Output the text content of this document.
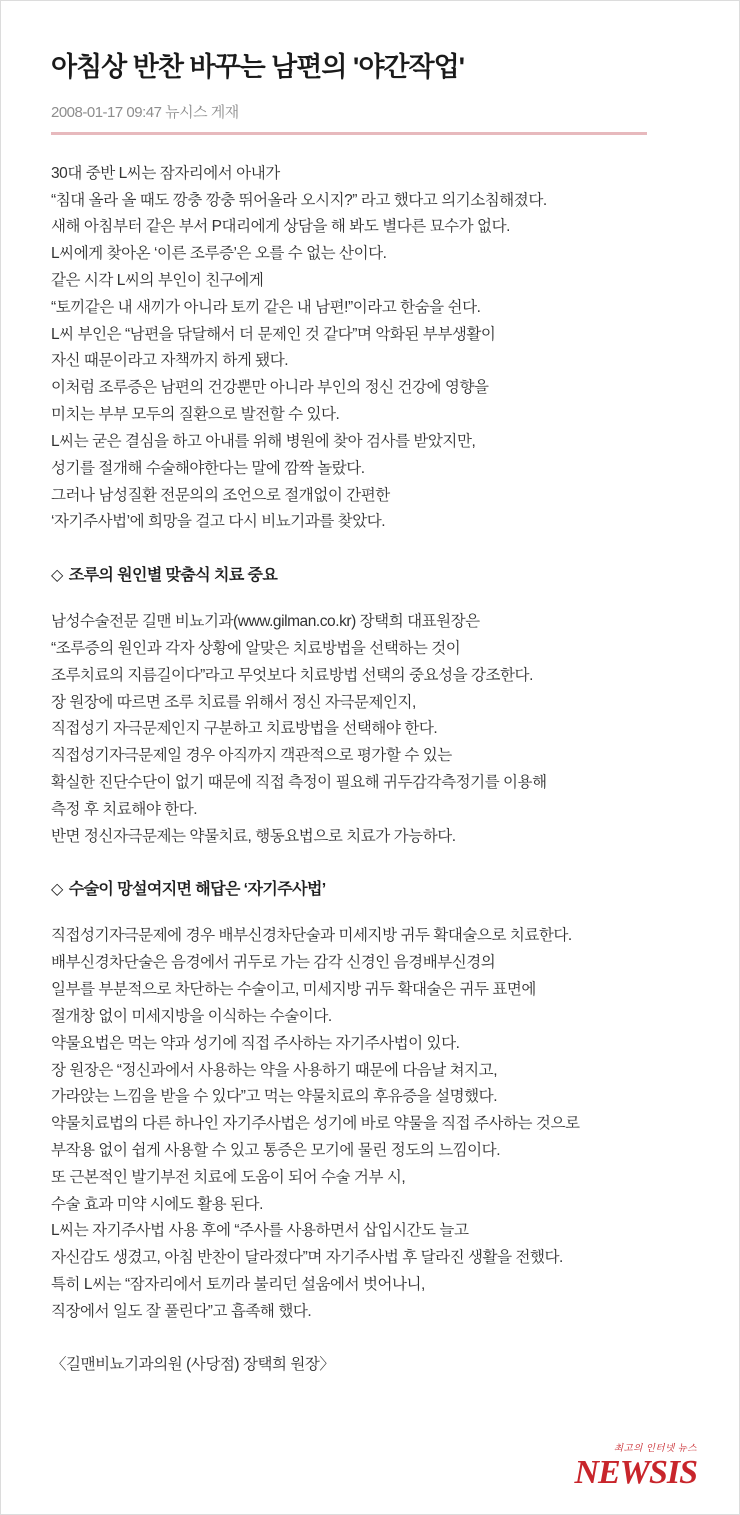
아침상 반찬 바꾸는 남편의 '야간작업'
2008-01-17 09:47 뉴시스 게재

30대 중반 L씨는 잠자리에서 아내가

“침대 올라 올 때도 깡충 깡충 뛰어올라 오시지?” 라고 했다고 의기소침해졌다.

새해 아침부터 같은 부서 P대리에게 상담을 해 봐도 별다른 묘수가 없다.

L씨에게 찾아온 ‘이른 조루증’은 오를 수 없는 산이다.

같은 시각 L씨의 부인이 친구에게

“토끼같은 내 새끼가 아니라 토끼 같은 내 남편!”이라고 한숨을 쉰다.

L씨 부인은 “남편을 닦달해서 더 문제인 것 같다”며 악화된 부부생활이

자신 때문이라고 자책까지 하게 됐다.

이처럼 조루증은 남편의 건강뿐만 아니라 부인의 정신 건강에 영향을

미치는 부부 모두의 질환으로 발전할 수 있다.

L씨는 굳은 결심을 하고 아내를 위해 병원에 찾아 검사를 받았지만,

성기를 절개해 수술해야한다는 말에 깜짝 놀랐다.

그러나 남성질환 전문의의 조언으로 절개없이 간편한

‘자기주사법’에 희망을 걸고 다시 비뇨기과를 찾았다.

◇ 조루의 원인별 맞춤식 치료 중요

남성수술전문 길맨 비뇨기과(www.gilman.co.kr) 장택희 대표원장은

“조루증의 원인과 각자 상황에 알맞은 치료방법을 선택하는 것이

조루치료의 지름길이다”라고 무엇보다 치료방법 선택의 중요성을 강조한다.

장 원장에 따르면 조루 치료를 위해서 정신 자극문제인지,

직접성기 자극문제인지 구분하고 치료방법을 선택해야 한다.

직접성기자극문제일 경우 아직까지 객관적으로 평가할 수 있는

확실한 진단수단이 없기 때문에 직접 측정이 필요해 귀두감각측정기를 이용해

측정 후 치료해야 한다.

반면 정신자극문제는 약물치료, 행동요법으로 치료가 가능하다.

◇ 수술이 망설여지면 해답은 ‘자기주사법’

직접성기자극문제에 경우 배부신경차단술과 미세지방 귀두 확대술으로 치료한다.

배부신경차단술은 음경에서 귀두로 가는 감각 신경인 음경배부신경의

일부를 부분적으로 차단하는 수술이고, 미세지방 귀두 확대술은 귀두 표면에

절개창 없이 미세지방을 이식하는 수술이다.

약물요법은 먹는 약과 성기에 직접 주사하는 자기주사법이 있다.

장 원장은 “정신과에서 사용하는 약을 사용하기 때문에 다음날 쳐지고,

가라앉는 느낌을 받을 수 있다”고 먹는 약물치료의 후유증을 설명했다.

약물치료법의 다른 하나인 자기주사법은 성기에 바로 약물을 직접 주사하는 것으로

부작용 없이 쉽게 사용할 수 있고 통증은 모기에 물린 정도의 느낌이다.

또 근본적인 발기부전 치료에 도움이 되어 수술 거부 시,

수술 효과 미약 시에도 활용 된다.

L씨는 자기주사법 사용 후에 “주사를 사용하면서 삽입시간도 늘고

자신감도 생겼고, 아침 반찬이 달라졌다”며 자기주사법 후 달라진 생활을 전했다.

특히 L씨는 “잠자리에서 토끼라 불리던 설움에서 벗어나니,

직장에서 일도 잘 풀린다”고 흡족해 했다.

〈길맨비뇨기과의원 (사당점) 장택희 원장〉
최고의 인터넷 뉴스
NEWSIS
